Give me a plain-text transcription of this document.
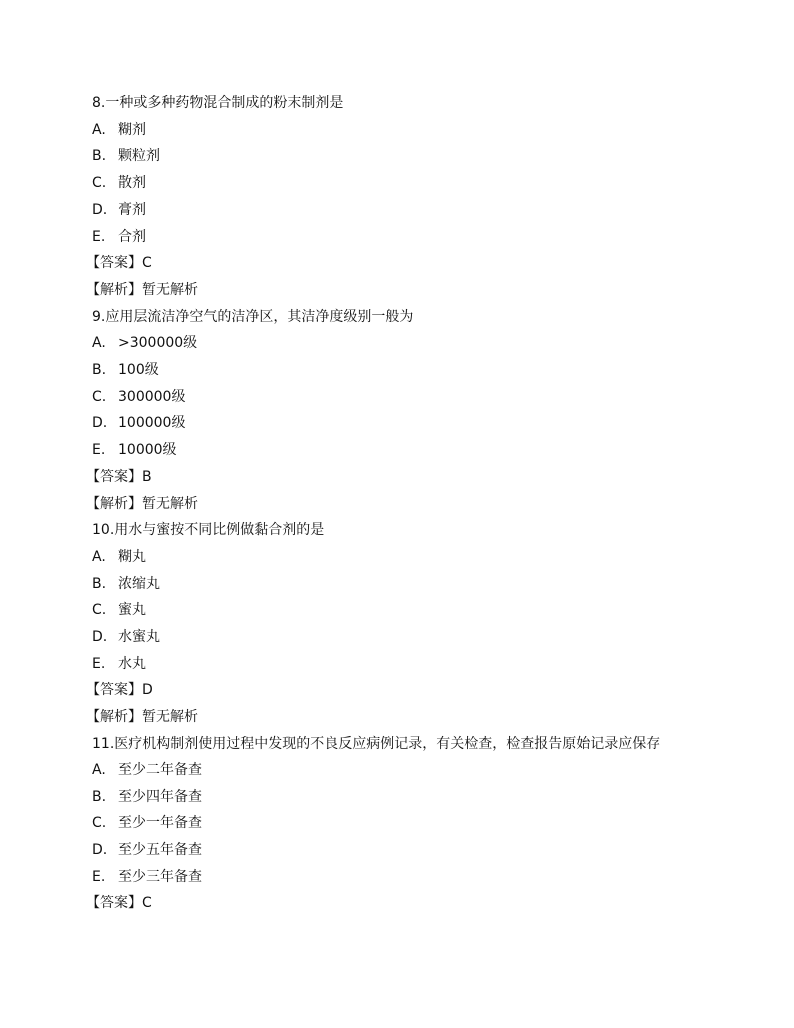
8.一种或多种药物混合制成的粉末制剂是
A. 糊剂
B. 颗粒剂
C. 散剂
D. 膏剂
E. 合剂
【答案】C
【解析】暂无解析
9.应用层流洁净空气的洁净区，其洁净度级别一般为
A. >300000级
B. 100级
C. 300000级
D. 100000级
E. 10000级
【答案】B
【解析】暂无解析
10.用水与蜜按不同比例做黏合剂的是
A. 糊丸
B. 浓缩丸
C. 蜜丸
D. 水蜜丸
E. 水丸
【答案】D
【解析】暂无解析
11.医疗机构制剂使用过程中发现的不良反应病例记录，有关检查，检查报告原始记录应保存
A. 至少二年备查
B. 至少四年备查
C. 至少一年备查
D. 至少五年备查
E. 至少三年备查
【答案】C
